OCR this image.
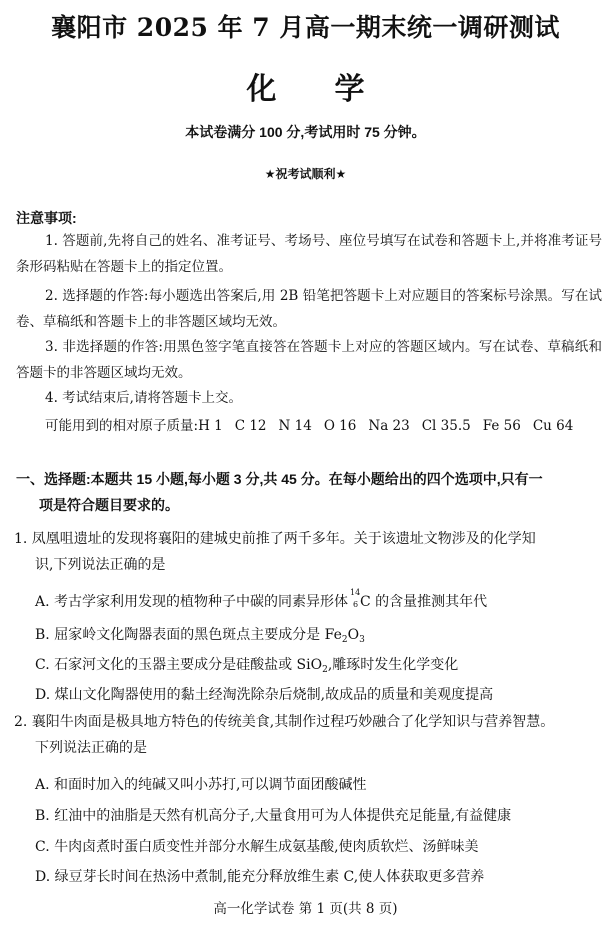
襄阳市 2025 年 7 月高一期末统一调研测试
化学
本试卷满分 100 分,考试用时 75 分钟。
★祝考试顺利★
注意事项:
1. 答题前,先将自己的姓名、准考证号、考场号、座位号填写在试卷和答题卡上,并将准考证号条形码粘贴在答题卡上的指定位置。
2. 选择题的作答:每小题选出答案后,用 2B 铅笔把答题卡上对应题目的答案标号涂黑。写在试卷、草稿纸和答题卡上的非答题区域均无效。
3. 非选择题的作答:用黑色签字笔直接答在答题卡上对应的答题区域内。写在试卷、草稿纸和答题卡的非答题区域均无效。
4. 考试结束后,请将答题卡上交。
可能用到的相对原子质量:H 1 C 12 N 14 O 16 Na 23 Cl 35.5 Fe 56 Cu 64
一、选择题:本题共 15 小题,每小题 3 分,共 45 分。在每小题给出的四个选项中,只有一
项是符合题目要求的。
1. 凤凰咀遗址的发现将襄阳的建城史前推了两千多年。关于该遗址文物涉及的化学知
识,下列说法正确的是
A. 考古学家利用发现的植物种子中碳的同素异形体
14
6 C 的含量推测其年代
B. 屈家岭文化陶器表面的黑色斑点主要成分是 $Fe_2O_3$
C. 石家河文化的玉器主要成分是硅酸盐或 SiO$_2$,雕琢时发生化学变化
D. 煤山文化陶器使用的黏土经淘洗除杂后烧制,故成品的质量和美观度提高
2. 襄阳牛肉面是极具地方特色的传统美食,其制作过程巧妙融合了化学知识与营养智慧。
下列说法正确的是
A. 和面时加入的纯碱又叫小苏打,可以调节面团酸碱性
B. 红油中的油脂是天然有机高分子,大量食用可为人体提供充足能量,有益健康
C. 牛肉卤煮时蛋白质变性并部分水解生成氨基酸,使肉质软烂、汤鲜味美
D. 绿豆芽长时间在热汤中煮制,能充分释放维生素 C,使人体获取更多营养
高一化学试卷 第 1 页(共 8 页)
